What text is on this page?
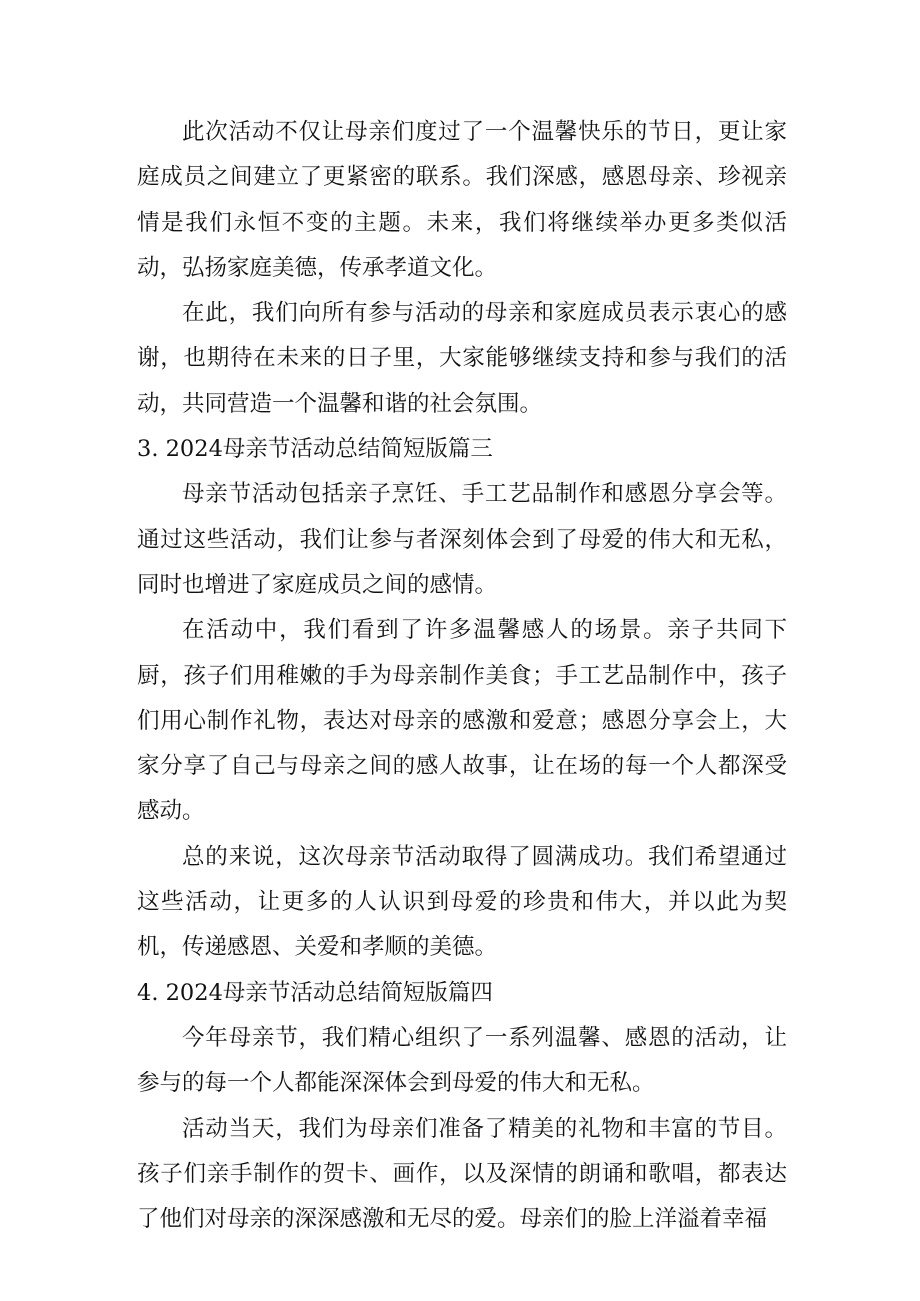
此次活动不仅让母亲们度过了一个温馨快乐的节日，更让家庭成员之间建立了更紧密的联系。我们深感，感恩母亲、珍视亲情是我们永恒不变的主题。未来，我们将继续举办更多类似活动，弘扬家庭美德，传承孝道文化。

在此，我们向所有参与活动的母亲和家庭成员表示衷心的感谢，也期待在未来的日子里，大家能够继续支持和参与我们的活动，共同营造一个温馨和谐的社会氛围。

3. 2024母亲节活动总结简短版篇三

母亲节活动包括亲子烹饪、手工艺品制作和感恩分享会等。通过这些活动，我们让参与者深刻体会到了母爱的伟大和无私，同时也增进了家庭成员之间的感情。

在活动中，我们看到了许多温馨感人的场景。亲子共同下厨，孩子们用稚嫩的手为母亲制作美食；手工艺品制作中，孩子们用心制作礼物，表达对母亲的感激和爱意；感恩分享会上，大家分享了自己与母亲之间的感人故事，让在场的每一个人都深受感动。

总的来说，这次母亲节活动取得了圆满成功。我们希望通过这些活动，让更多的人认识到母爱的珍贵和伟大，并以此为契机，传递感恩、关爱和孝顺的美德。

4. 2024母亲节活动总结简短版篇四

今年母亲节，我们精心组织了一系列温馨、感恩的活动，让参与的每一个人都能深深体会到母爱的伟大和无私。

活动当天，我们为母亲们准备了精美的礼物和丰富的节目。孩子们亲手制作的贺卡、画作，以及深情的朗诵和歌唱，都表达了他们对母亲的深深感激和无尽的爱。母亲们的脸上洋溢着幸福
